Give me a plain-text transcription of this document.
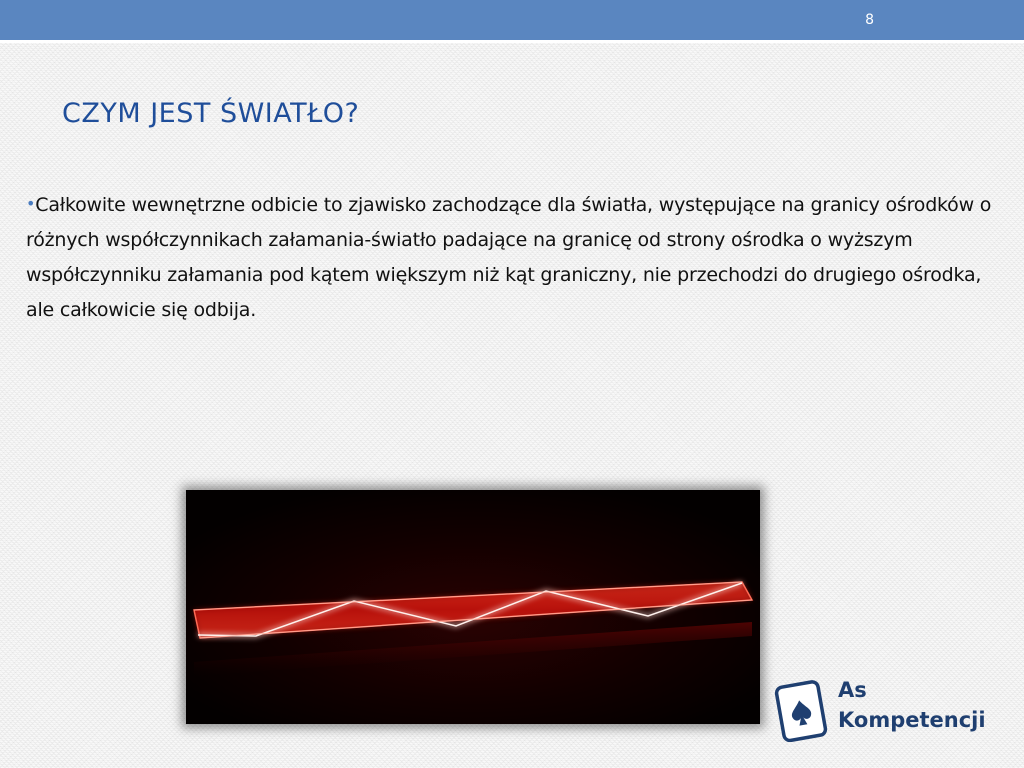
8
CZYM JEST ŚWIATŁO?

•Całkowite wewnętrzne odbicie to zjawisko zachodzące dla światła, występujące na granicy ośrodków o różnych współczynnikach załamania-światło padające na granicę od strony ośrodka o wyższym współczynniku załamania pod kątem większym niż kąt graniczny, nie przechodzi do drugiego ośrodka, ale całkowicie się odbija.

As
Kompetencji
